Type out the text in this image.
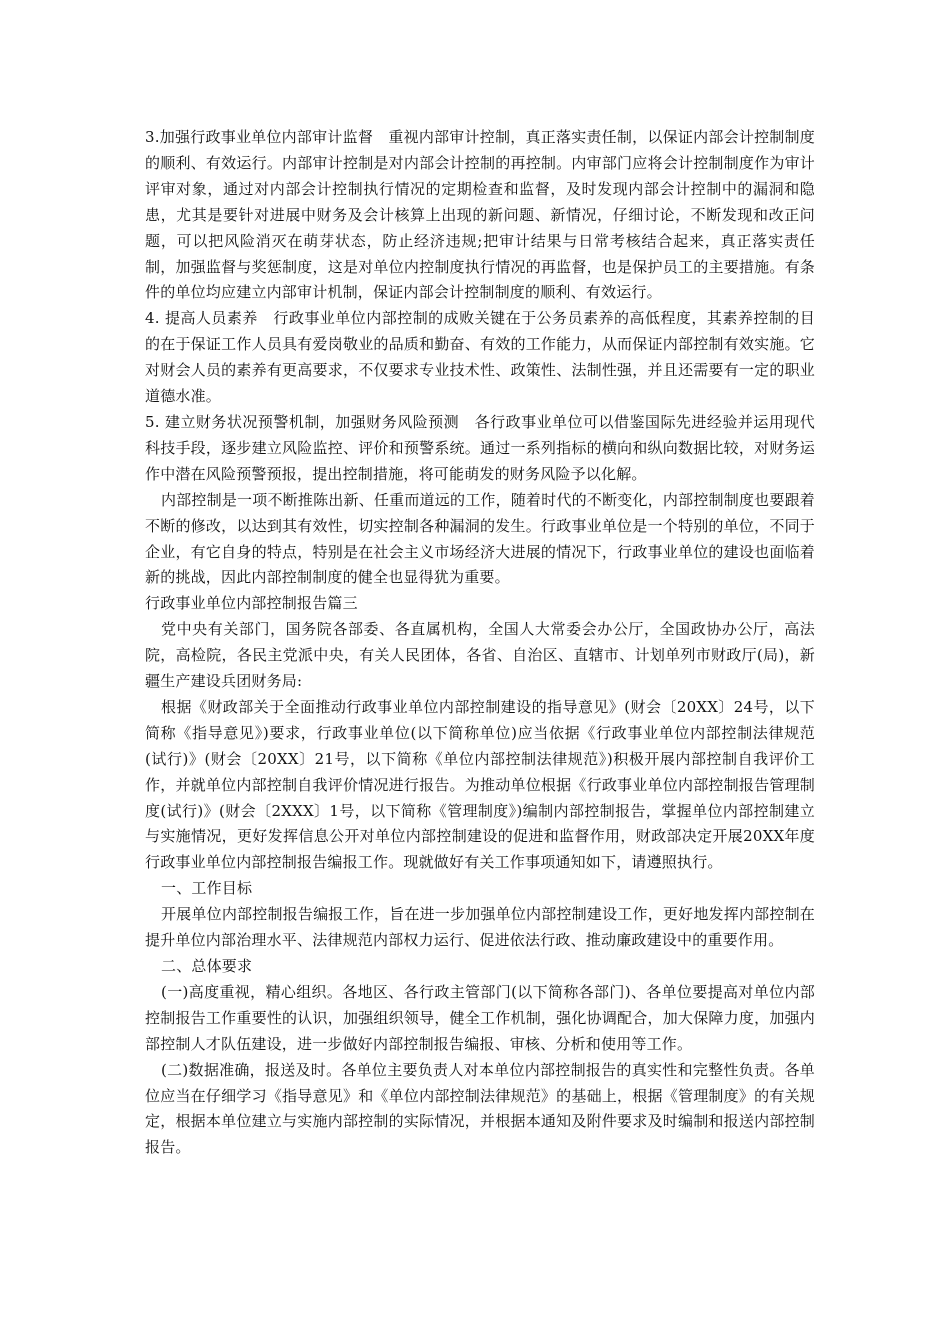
3.加强行政事业单位内部审计监督　重视内部审计控制，真正落实责任制，以保证内部会计控制制度的顺利、有效运行。内部审计控制是对内部会计控制的再控制。内审部门应将会计控制制度作为审计评审对象，通过对内部会计控制执行情况的定期检查和监督，及时发现内部会计控制中的漏洞和隐患，尤其是要针对进展中财务及会计核算上出现的新问题、新情况，仔细讨论，不断发现和改正问题，可以把风险消灭在萌芽状态，防止经济违规;把审计结果与日常考核结合起来，真正落实责任制，加强监督与奖惩制度，这是对单位内控制度执行情况的再监督，也是保护员工的主要措施。有条件的单位均应建立内部审计机制，保证内部会计控制制度的顺利、有效运行。

4. 提高人员素养　行政事业单位内部控制的成败关键在于公务员素养的高低程度，其素养控制的目的在于保证工作人员具有爱岗敬业的品质和勤奋、有效的工作能力，从而保证内部控制有效实施。它对财会人员的素养有更高要求，不仅要求专业技术性、政策性、法制性强，并且还需要有一定的职业道德水准。

5. 建立财务状况预警机制，加强财务风险预测　各行政事业单位可以借鉴国际先进经验并运用现代科技手段，逐步建立风险监控、评价和预警系统。通过一系列指标的横向和纵向数据比较，对财务运作中潜在风险预警预报，提出控制措施，将可能萌发的财务风险予以化解。

内部控制是一项不断推陈出新、任重而道远的工作，随着时代的不断变化，内部控制制度也要跟着不断的修改，以达到其有效性，切实控制各种漏洞的发生。行政事业单位是一个特别的单位，不同于企业，有它自身的特点，特别是在社会主义市场经济大进展的情况下，行政事业单位的建设也面临着新的挑战，因此内部控制制度的健全也显得犹为重要。

行政事业单位内部控制报告篇三

党中央有关部门，国务院各部委、各直属机构，全国人大常委会办公厅，全国政协办公厅，高法院，高检院，各民主党派中央，有关人民团体，各省、自治区、直辖市、计划单列市财政厅(局)，新疆生产建设兵团财务局:

根据《财政部关于全面推动行政事业单位内部控制建设的指导意见》(财会〔20XX〕24号，以下简称《指导意见》)要求，行政事业单位(以下简称单位)应当依据《行政事业单位内部控制法律规范(试行)》(财会〔20XX〕21号，以下简称《单位内部控制法律规范》)积极开展内部控制自我评价工作，并就单位内部控制自我评价情况进行报告。为推动单位根据《行政事业单位内部控制报告管理制度(试行)》(财会〔2XXX〕1号，以下简称《管理制度》)编制内部控制报告，掌握单位内部控制建立与实施情况，更好发挥信息公开对单位内部控制建设的促进和监督作用，财政部决定开展20XX年度行政事业单位内部控制报告编报工作。现就做好有关工作事项通知如下，请遵照执行。

一、工作目标

开展单位内部控制报告编报工作，旨在进一步加强单位内部控制建设工作，更好地发挥内部控制在提升单位内部治理水平、法律规范内部权力运行、促进依法行政、推动廉政建设中的重要作用。

二、总体要求

(一)高度重视，精心组织。各地区、各行政主管部门(以下简称各部门)、各单位要提高对单位内部控制报告工作重要性的认识，加强组织领导，健全工作机制，强化协调配合，加大保障力度，加强内部控制人才队伍建设，进一步做好内部控制报告编报、审核、分析和使用等工作。

(二)数据准确，报送及时。各单位主要负责人对本单位内部控制报告的真实性和完整性负责。各单位应当在仔细学习《指导意见》和《单位内部控制法律规范》的基础上，根据《管理制度》的有关规定，根据本单位建立与实施内部控制的实际情况，并根据本通知及附件要求及时编制和报送内部控制报告。
